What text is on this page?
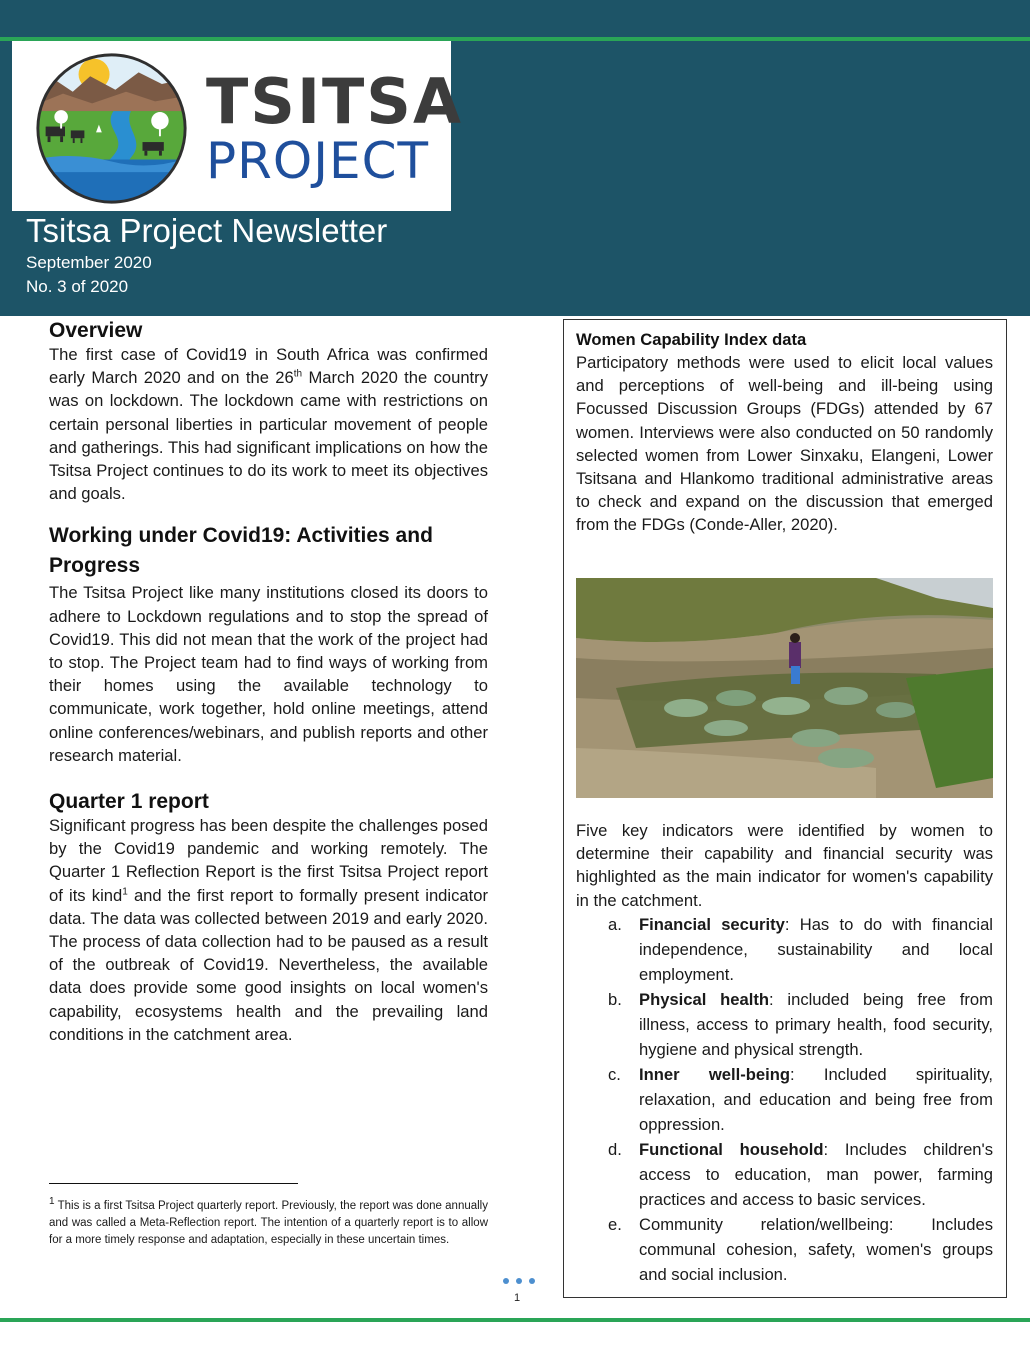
TSITSA
PROJECT
Tsitsa Project Newsletter
September 2020
No. 3 of 2020
Overview

The first case of Covid19 in South Africa was confirmed early March 2020 and on the 26th March 2020 the country was on lockdown. The lockdown came with restrictions on certain personal liberties in particular movement of people and gatherings. This had significant implications on how the Tsitsa Project continues to do its work to meet its objectives and goals.

Working under Covid19: Activities and Progress

The Tsitsa Project like many institutions closed its doors to adhere to Lockdown regulations and to stop the spread of Covid19. This did not mean that the work of the project had to stop. The Project team had to find ways of working from their homes using the available technology to communicate, work together, hold online meetings, attend online conferences/webinars, and publish reports and other research material.

Quarter 1 report

Significant progress has been despite the challenges posed by the Covid19 pandemic and working remotely. The Quarter 1 Reflection Report is the first Tsitsa Project report of its kind$^1$ and the first report to formally present indicator data. The data was collected between 2019 and early 2020. The process of data collection had to be paused as a result of the outbreak of Covid19. Nevertheless, the available data does provide some good insights on local women's capability, ecosystems health and the prevailing land conditions in the catchment area.

$^1$ This is a first Tsitsa Project quarterly report. Previously, the report was done annually and was called a Meta-Reflection report. The intention of a quarterly report is to allow for a more timely response and adaptation, especially in these uncertain times.

1
Women Capability Index data

Participatory methods were used to elicit local values and perceptions of well-being and ill-being using Focussed Discussion Groups (FDGs) attended by 67 women. Interviews were also conducted on 50 randomly selected women from Lower Sinxaku, Elangeni, Lower Tsitsana and Hlankomo traditional administrative areas to check and expand on the discussion that emerged from the FDGs (Conde-Aller, 2020).

Five key indicators were identified by women to determine their capability and financial security was highlighted as the main indicator for women's capability in the catchment.

a.	Financial security: Has to do with financial independence, sustainability and local employment.
b.	Physical health: included being free from illness, access to primary health, food security, hygiene and physical strength.
c.	Inner well-being: Included spirituality, relaxation, and education and being free from oppression.
d.	Functional household: Includes children's access to education, man power, farming practices and access to basic services.
e.	Community relation/wellbeing: Includes communal cohesion, safety, women's groups and social inclusion.
